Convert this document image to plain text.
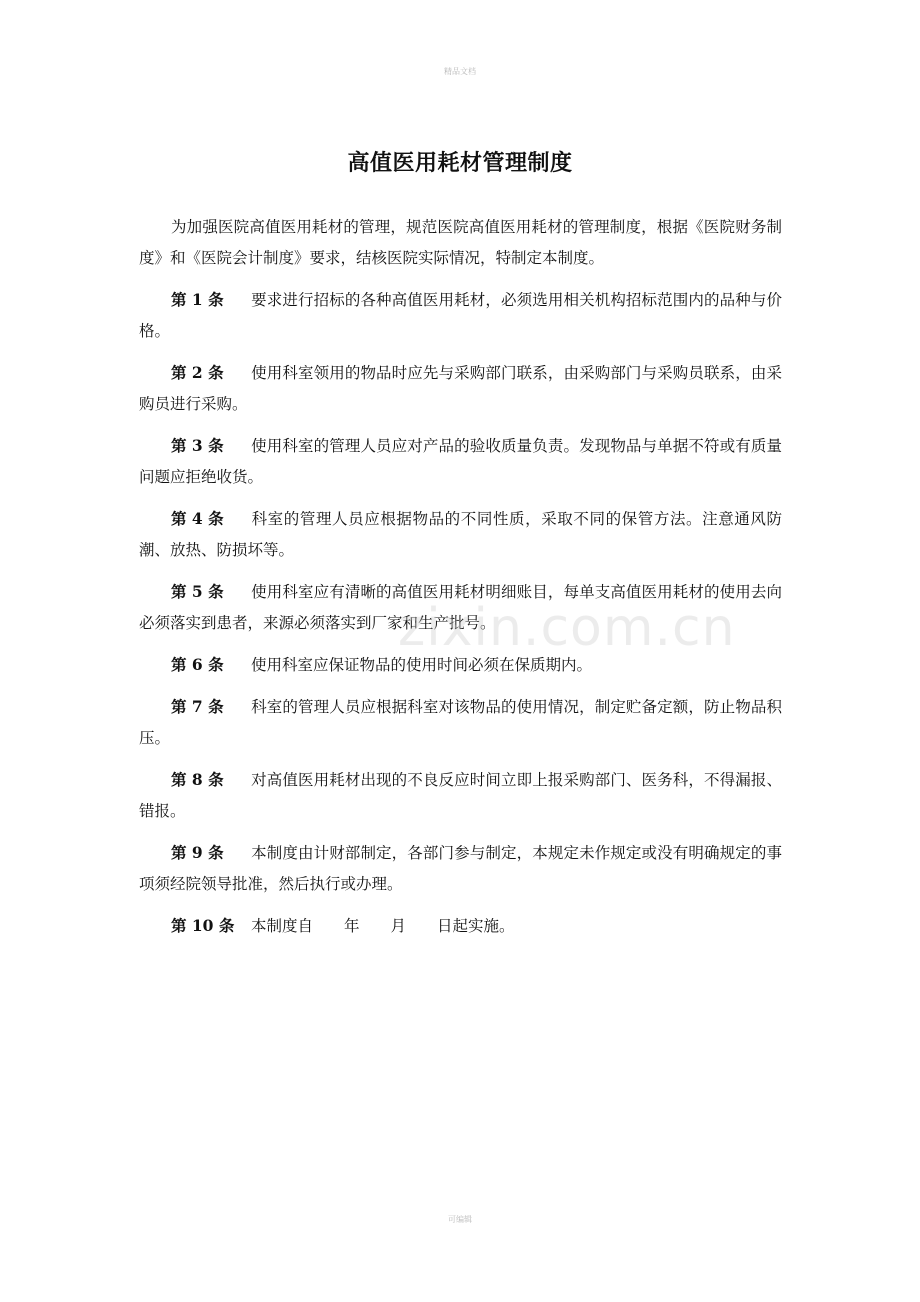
精品文档
高值医用耗材管理制度

为加强医院高值医用耗材的管理，规范医院高值医用耗材的管理制度，根据《医院财务制度》和《医院会计制度》要求，结核医院实际情况，特制定本制度。

第 1 条 要求进行招标的各种高值医用耗材，必须选用相关机构招标范围内的品种与价格。

第 2 条 使用科室领用的物品时应先与采购部门联系，由采购部门与采购员联系，由采购员进行采购。

第 3 条 使用科室的管理人员应对产品的验收质量负责。发现物品与单据不符或有质量问题应拒绝收货。

第 4 条 科室的管理人员应根据物品的不同性质，采取不同的保管方法。注意通风防潮、放热、防损坏等。

第 5 条 使用科室应有清晰的高值医用耗材明细账目，每单支高值医用耗材的使用去向必须落实到患者，来源必须落实到厂家和生产批号。

第 6 条 使用科室应保证物品的使用时间必须在保质期内。

第 7 条 科室的管理人员应根据科室对该物品的使用情况，制定贮备定额，防止物品积压。

第 8 条 对高值医用耗材出现的不良反应时间立即上报采购部门、医务科，不得漏报、错报。

第 9 条 本制度由计财部制定，各部门参与制定，本规定未作规定或没有明确规定的事项须经院领导批准，然后执行或办理。

第 10 条 本制度自　　年　　月　　日起实施。

zixin.com.cn
可编辑
